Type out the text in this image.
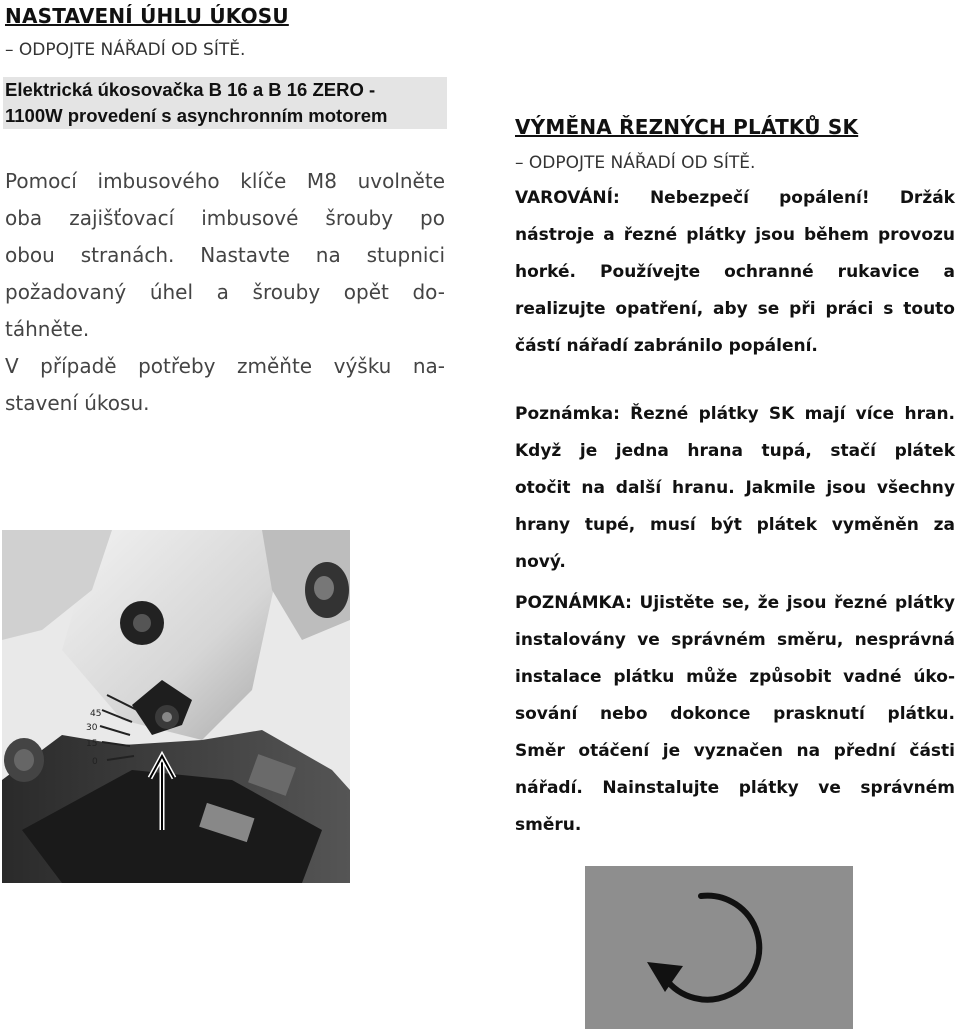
NASTAVENÍ ÚHLU ÚKOSU
– ODPOJTE NÁŘADÍ OD SÍTĚ.
Elektrická úkosovačka B 16 a B 16 ZERO -
1100W provedení s asynchronním motorem
Pomocí imbusového klíče M8 uvolněte
oba zajišťovací imbusové šrouby po
obou stranách. Nastavte na stupnici
požadovaný úhel a šrouby opět do-
táhněte.
V případě potřeby změňte výšku na-
stavení úkosu.
45
30
15
0
VÝMĚNA ŘEZNÝCH PLÁTKŮ SK
– ODPOJTE NÁŘADÍ OD SÍTĚ.
VAROVÁNÍ: Nebezpečí popálení! Držák
nástroje a řezné plátky jsou během provozu
horké. Používejte ochranné rukavice a
realizujte opatření, aby se při práci s touto
částí nářadí zabránilo popálení.
Poznámka: Řezné plátky SK mají více hran.
Když je jedna hrana tupá, stačí plátek
otočit na další hranu. Jakmile jsou všechny
hrany tupé, musí být plátek vyměněn za
nový.
POZNÁMKA: Ujistěte se, že jsou řezné plátky
instalovány ve správném směru, nesprávná
instalace plátku může způsobit vadné úko-
sování nebo dokonce prasknutí plátku.
Směr otáčení je vyznačen na přední části
nářadí. Nainstalujte plátky ve správném
směru.
